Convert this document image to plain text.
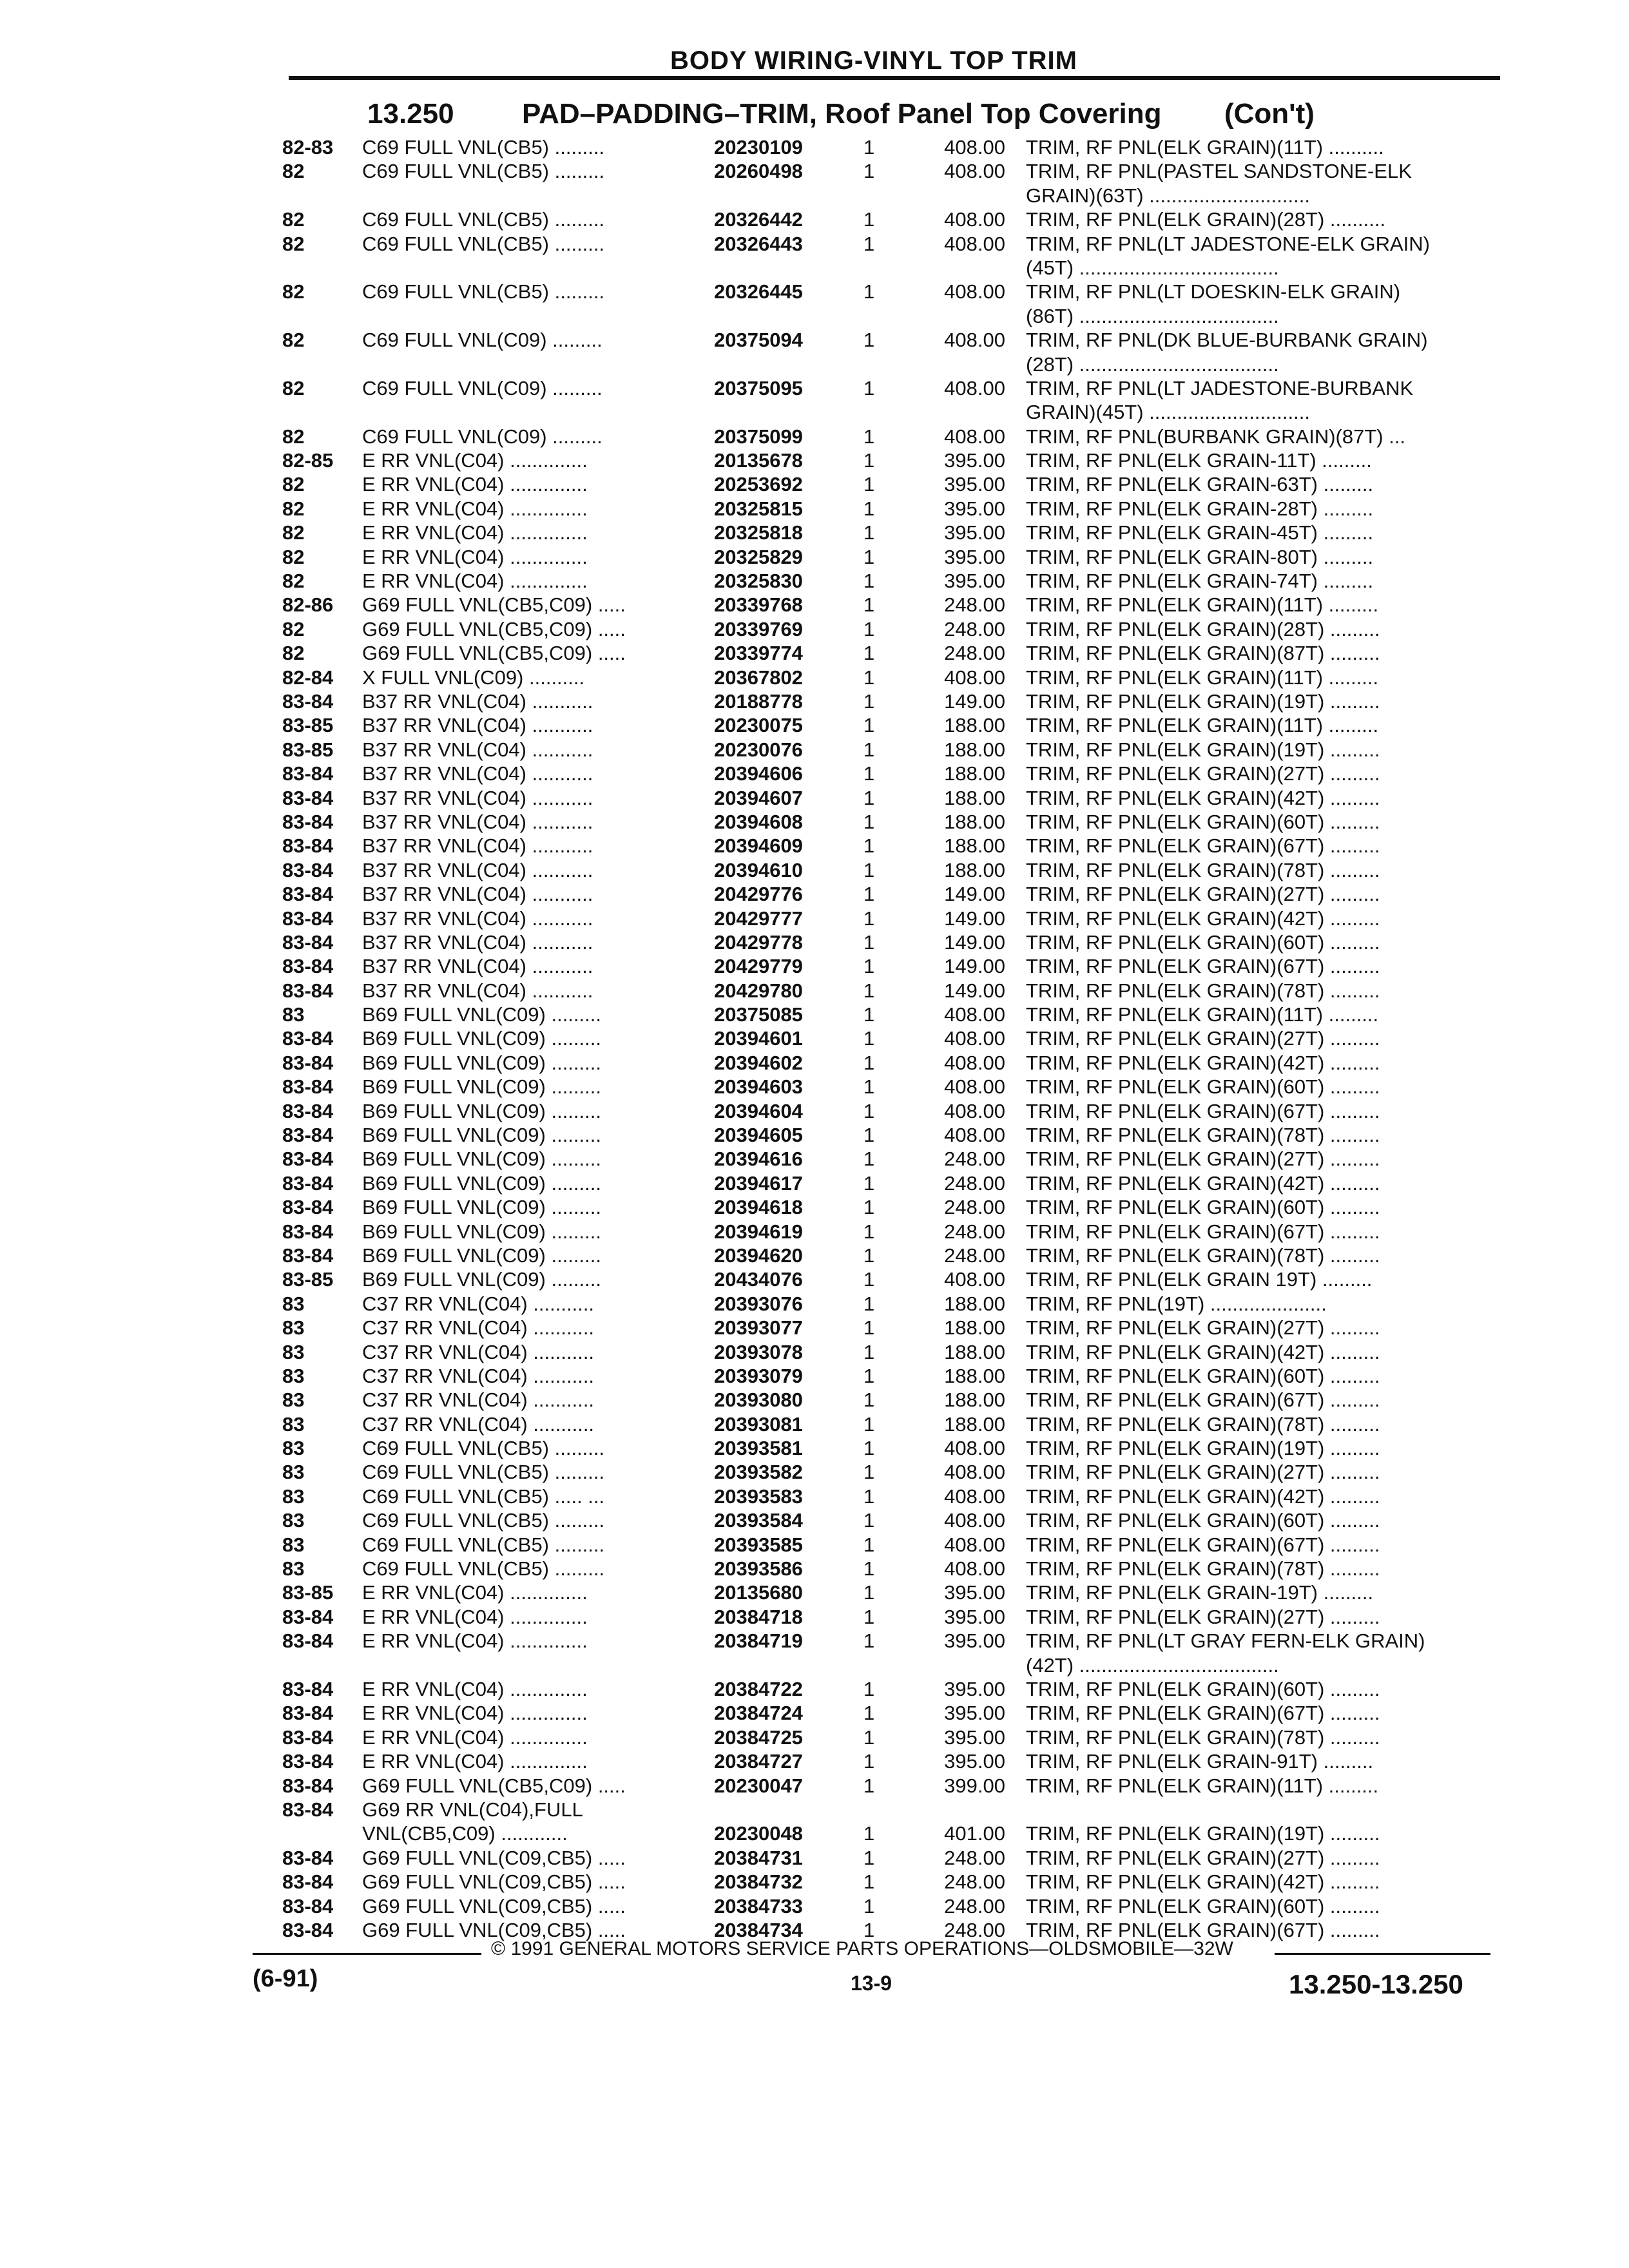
BODY WIRING-VINYL TOP TRIM
13.250 PAD–PADDING–TRIM, Roof Panel Top Covering (Con't)
82-83 C69 FULL VNL(CB5) .........	20230109	1	408.00 TRIM, RF PNL(ELK GRAIN)(11T) ..........
82	C69 FULL VNL(CB5) .........	20260498	1	408.00 TRIM, RF PNL(PASTEL SANDSTONE-ELK
GRAIN)(63T) .............................
82	C69 FULL VNL(CB5) .........	20326442	1	408.00 TRIM, RF PNL(ELK GRAIN)(28T) ..........
82	C69 FULL VNL(CB5) .........	20326443	1	408.00 TRIM, RF PNL(LT JADESTONE-ELK GRAIN)
(45T) ....................................
82	C69 FULL VNL(CB5) .........	20326445	1	408.00 TRIM, RF PNL(LT DOESKIN-ELK GRAIN)
(86T) ....................................
82	C69 FULL VNL(C09) .........	20375094	1	408.00 TRIM, RF PNL(DK BLUE-BURBANK GRAIN)
(28T) ....................................
82	C69 FULL VNL(C09) .........	20375095	1	408.00 TRIM, RF PNL(LT JADESTONE-BURBANK
GRAIN)(45T) .............................
82	C69 FULL VNL(C09) .........	20375099	1	408.00 TRIM, RF PNL(BURBANK GRAIN)(87T) ...
82-85 E RR VNL(C04) ..............	20135678	1	395.00 TRIM, RF PNL(ELK GRAIN-11T) .........
82	E RR VNL(C04) ..............	20253692	1	395.00 TRIM, RF PNL(ELK GRAIN-63T) .........
82	E RR VNL(C04) ..............	20325815	1	395.00 TRIM, RF PNL(ELK GRAIN-28T) .........
82	E RR VNL(C04) ..............	20325818	1	395.00 TRIM, RF PNL(ELK GRAIN-45T) .........
82	E RR VNL(C04) ..............	20325829	1	395.00 TRIM, RF PNL(ELK GRAIN-80T) .........
82	E RR VNL(C04) ..............	20325830	1	395.00 TRIM, RF PNL(ELK GRAIN-74T) .........
82-86 G69 FULL VNL(CB5,C09) .....	20339768	1	248.00 TRIM, RF PNL(ELK GRAIN)(11T) .........
82	G69 FULL VNL(CB5,C09) .....	20339769	1	248.00 TRIM, RF PNL(ELK GRAIN)(28T) .........
82	G69 FULL VNL(CB5,C09) .....	20339774	1	248.00 TRIM, RF PNL(ELK GRAIN)(87T) .........
82-84 X FULL VNL(C09) ..........	20367802	1	408.00 TRIM, RF PNL(ELK GRAIN)(11T) .........
83-84 B37 RR VNL(C04) ...........	20188778	1	149.00 TRIM, RF PNL(ELK GRAIN)(19T) .........
83-85 B37 RR VNL(C04) ...........	20230075	1	188.00 TRIM, RF PNL(ELK GRAIN)(11T) .........
83-85 B37 RR VNL(C04) ...........	20230076	1	188.00 TRIM, RF PNL(ELK GRAIN)(19T) .........
83-84 B37 RR VNL(C04) ...........	20394606	1	188.00 TRIM, RF PNL(ELK GRAIN)(27T) .........
83-84 B37 RR VNL(C04) ...........	20394607	1	188.00 TRIM, RF PNL(ELK GRAIN)(42T) .........
83-84 B37 RR VNL(C04) ...........	20394608	1	188.00 TRIM, RF PNL(ELK GRAIN)(60T) .........
83-84 B37 RR VNL(C04) ...........	20394609	1	188.00 TRIM, RF PNL(ELK GRAIN)(67T) .........
83-84 B37 RR VNL(C04) ...........	20394610	1	188.00 TRIM, RF PNL(ELK GRAIN)(78T) .........
83-84 B37 RR VNL(C04) ...........	20429776	1	149.00 TRIM, RF PNL(ELK GRAIN)(27T) .........
83-84 B37 RR VNL(C04) ...........	20429777	1	149.00 TRIM, RF PNL(ELK GRAIN)(42T) .........
83-84 B37 RR VNL(C04) ...........	20429778	1	149.00 TRIM, RF PNL(ELK GRAIN)(60T) .........
83-84 B37 RR VNL(C04) ...........	20429779	1	149.00 TRIM, RF PNL(ELK GRAIN)(67T) .........
83-84 B37 RR VNL(C04) ...........	20429780	1	149.00 TRIM, RF PNL(ELK GRAIN)(78T) .........
83	B69 FULL VNL(C09) .........	20375085	1	408.00 TRIM, RF PNL(ELK GRAIN)(11T) .........
83-84 B69 FULL VNL(C09) .........	20394601	1	408.00 TRIM, RF PNL(ELK GRAIN)(27T) .........
83-84 B69 FULL VNL(C09) .........	20394602	1	408.00 TRIM, RF PNL(ELK GRAIN)(42T) .........
83-84 B69 FULL VNL(C09) .........	20394603	1	408.00 TRIM, RF PNL(ELK GRAIN)(60T) .........
83-84 B69 FULL VNL(C09) .........	20394604	1	408.00 TRIM, RF PNL(ELK GRAIN)(67T) .........
83-84 B69 FULL VNL(C09) .........	20394605	1	408.00 TRIM, RF PNL(ELK GRAIN)(78T) .........
83-84 B69 FULL VNL(C09) .........	20394616	1	248.00 TRIM, RF PNL(ELK GRAIN)(27T) .........
83-84 B69 FULL VNL(C09) .........	20394617	1	248.00 TRIM, RF PNL(ELK GRAIN)(42T) .........
83-84 B69 FULL VNL(C09) .........	20394618	1	248.00 TRIM, RF PNL(ELK GRAIN)(60T) .........
83-84 B69 FULL VNL(C09) .........	20394619	1	248.00 TRIM, RF PNL(ELK GRAIN)(67T) .........
83-84 B69 FULL VNL(C09) .........	20394620	1	248.00 TRIM, RF PNL(ELK GRAIN)(78T) .........
83-85 B69 FULL VNL(C09) .........	20434076	1	408.00 TRIM, RF PNL(ELK GRAIN 19T) .........
83	C37 RR VNL(C04) ...........	20393076	1	188.00 TRIM, RF PNL(19T) .....................
83	C37 RR VNL(C04) ...........	20393077	1	188.00 TRIM, RF PNL(ELK GRAIN)(27T) .........
83	C37 RR VNL(C04) ...........	20393078	1	188.00 TRIM, RF PNL(ELK GRAIN)(42T) .........
83	C37 RR VNL(C04) ...........	20393079	1	188.00 TRIM, RF PNL(ELK GRAIN)(60T) .........
83	C37 RR VNL(C04) ...........	20393080	1	188.00 TRIM, RF PNL(ELK GRAIN)(67T) .........
83	C37 RR VNL(C04) ...........	20393081	1	188.00 TRIM, RF PNL(ELK GRAIN)(78T) .........
83	C69 FULL VNL(CB5) .........	20393581	1	408.00 TRIM, RF PNL(ELK GRAIN)(19T) .........
83	C69 FULL VNL(CB5) .........	20393582	1	408.00 TRIM, RF PNL(ELK GRAIN)(27T) .........
83	C69 FULL VNL(CB5) ..... ...	20393583	1	408.00 TRIM, RF PNL(ELK GRAIN)(42T) .........
83	C69 FULL VNL(CB5) .........	20393584	1	408.00 TRIM, RF PNL(ELK GRAIN)(60T) .........
83	C69 FULL VNL(CB5) .........	20393585	1	408.00 TRIM, RF PNL(ELK GRAIN)(67T) .........
83	C69 FULL VNL(CB5) .........	20393586	1	408.00 TRIM, RF PNL(ELK GRAIN)(78T) .........
83-85 E RR VNL(C04) ..............	20135680	1	395.00 TRIM, RF PNL(ELK GRAIN-19T) .........
83-84 E RR VNL(C04) ..............	20384718	1	395.00 TRIM, RF PNL(ELK GRAIN)(27T) .........
83-84 E RR VNL(C04) ..............	20384719	1	395.00 TRIM, RF PNL(LT GRAY FERN-ELK GRAIN)
(42T) ....................................
83-84 E RR VNL(C04) ..............	20384722	1	395.00 TRIM, RF PNL(ELK GRAIN)(60T) .........
83-84 E RR VNL(C04) ..............	20384724	1	395.00 TRIM, RF PNL(ELK GRAIN)(67T) .........
83-84 E RR VNL(C04) ..............	20384725	1	395.00 TRIM, RF PNL(ELK GRAIN)(78T) .........
83-84 E RR VNL(C04) ..............	20384727	1	395.00 TRIM, RF PNL(ELK GRAIN-91T) .........
83-84 G69 FULL VNL(CB5,C09) .....	20230047	1	399.00 TRIM, RF PNL(ELK GRAIN)(11T) .........
83-84 G69 RR VNL(C04),FULL
VNL(CB5,C09) ............	20230048	1	401.00 TRIM, RF PNL(ELK GRAIN)(19T) .........
83-84 G69 FULL VNL(C09,CB5) .....	20384731	1	248.00 TRIM, RF PNL(ELK GRAIN)(27T) .........
83-84 G69 FULL VNL(C09,CB5) .....	20384732	1	248.00 TRIM, RF PNL(ELK GRAIN)(42T) .........
83-84 G69 FULL VNL(C09,CB5) .....	20384733	1	248.00 TRIM, RF PNL(ELK GRAIN)(60T) .........
83-84 G69 FULL VNL(C09,CB5) .....	20384734	1	248.00 TRIM, RF PNL(ELK GRAIN)(67T) .........
© 1991 GENERAL MOTORS SERVICE PARTS OPERATIONS—OLDSMOBILE—32W
(6-91)	13-9	13.250-13.250
